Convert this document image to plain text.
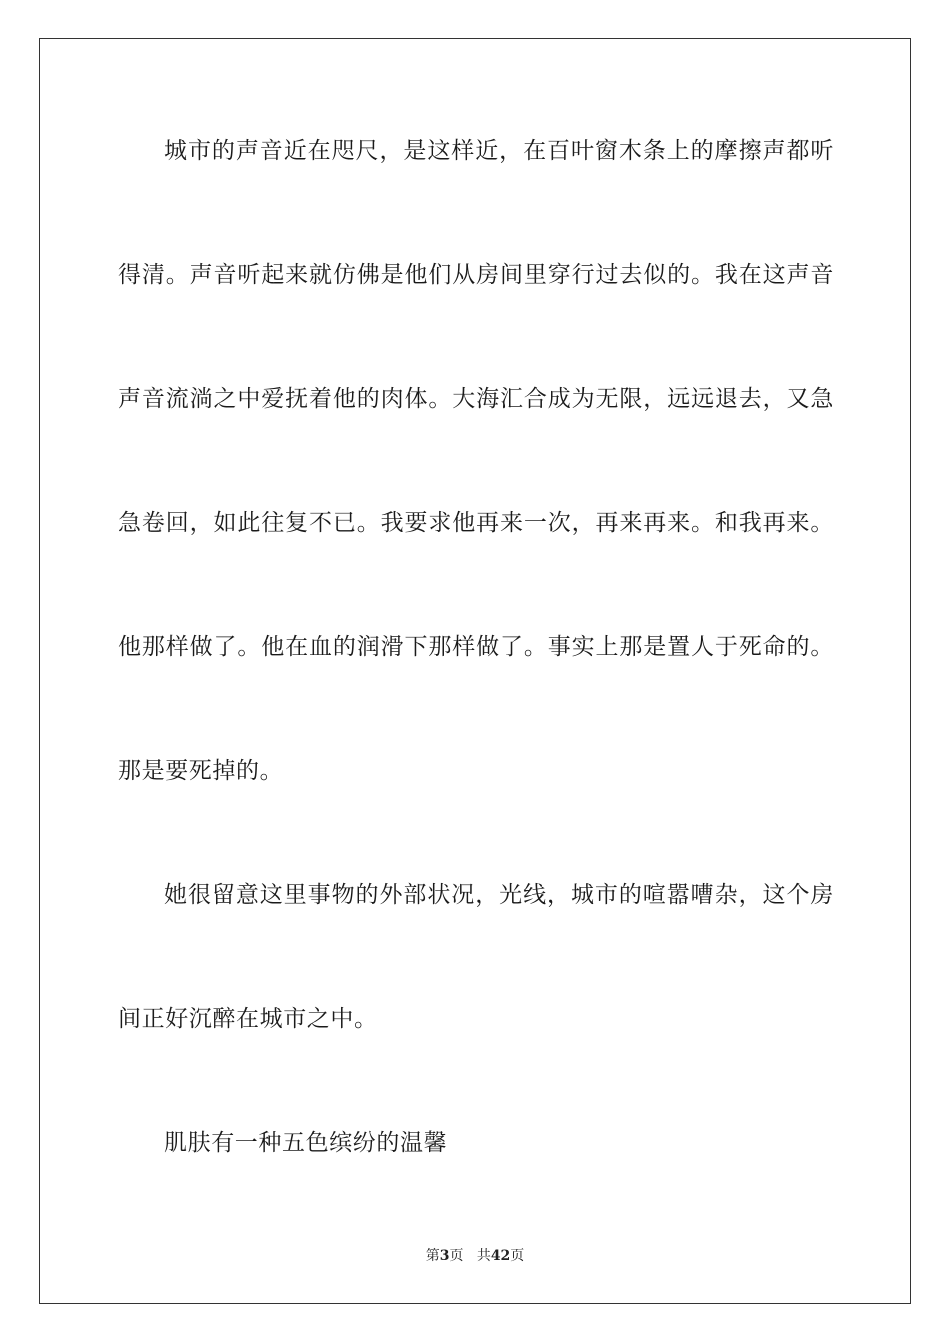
城市的声音近在咫尺，是这样近，在百叶窗木条上的摩擦声都听
得清。声音听起来就仿佛是他们从房间里穿行过去似的。我在这声音
声音流淌之中爱抚着他的肉体。大海汇合成为无限，远远退去，又急
急卷回，如此往复不已。我要求他再来一次，再来再来。和我再来。
他那样做了。他在血的润滑下那样做了。事实上那是置人于死命的。
那是要死掉的。
她很留意这里事物的外部状况，光线，城市的喧嚣嘈杂，这个房
间正好沉醉在城市之中。
肌肤有一种五色缤纷的温馨
第3页 共42页
